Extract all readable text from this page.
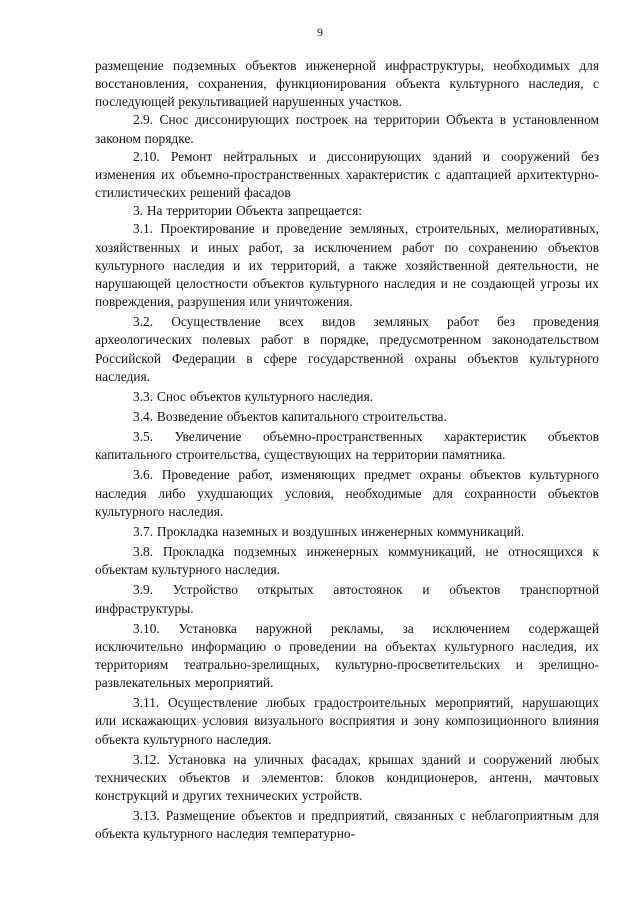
9

размещение подземных объектов инженерной инфраструктуры, необходимых для восстановления, сохранения, функционирования объекта культурного наследия, с последующей рекультивацией нарушенных участков.

2.9. Снос диссонирующих построек на территории Объекта в установленном законом порядке.

2.10. Ремонт нейтральных и диссонирующих зданий и сооружений без изменения их объемно-пространственных характеристик с адаптацией архитектурно-стилистических решений фасадов

3. На территории Объекта запрещается:

3.1. Проектирование и проведение земляных, строительных, мелиоративных, хозяйственных и иных работ, за исключением работ по сохранению объектов культурного наследия и их территорий, а также хозяйственной деятельности, не нарушающей целостности объектов культурного наследия и не создающей угрозы их повреждения, разрушения или уничтожения.

3.2. Осуществление всех видов земляных работ без проведения археологических полевых работ в порядке, предусмотренном законодательством Российской Федерации в сфере государственной охраны объектов культурного наследия.

3.3. Снос объектов культурного наследия.

3.4. Возведение объектов капитального строительства.

3.5. Увеличение объемно-пространственных характеристик объектов капитального строительства, существующих на территории памятника.

3.6. Проведение работ, изменяющих предмет охраны объектов культурного наследия либо ухудшающих условия, необходимые для сохранности объектов культурного наследия.

3.7. Прокладка наземных и воздушных инженерных коммуникаций.

3.8. Прокладка подземных инженерных коммуникаций, не относящихся к объектам культурного наследия.

3.9. Устройство открытых автостоянок и объектов транспортной инфраструктуры.

3.10. Установка наружной рекламы, за исключением содержащей исключительно информацию о проведении на объектах культурного наследия, их территориям театрально-зрелищных, культурно-просветительских и зрелищно-развлекательных мероприятий.

3.11. Осуществление любых градостроительных мероприятий, нарушающих или искажающих условия визуального восприятия и зону композиционного влияния объекта культурного наследия.

3.12. Установка на уличных фасадах, крышах зданий и сооружений любых технических объектов и элементов: блоков кондиционеров, антенн, мачтовых конструкций и других технических устройств.

3.13. Размещение объектов и предприятий, связанных с неблагоприятным для объекта культурного наследия температурно-
